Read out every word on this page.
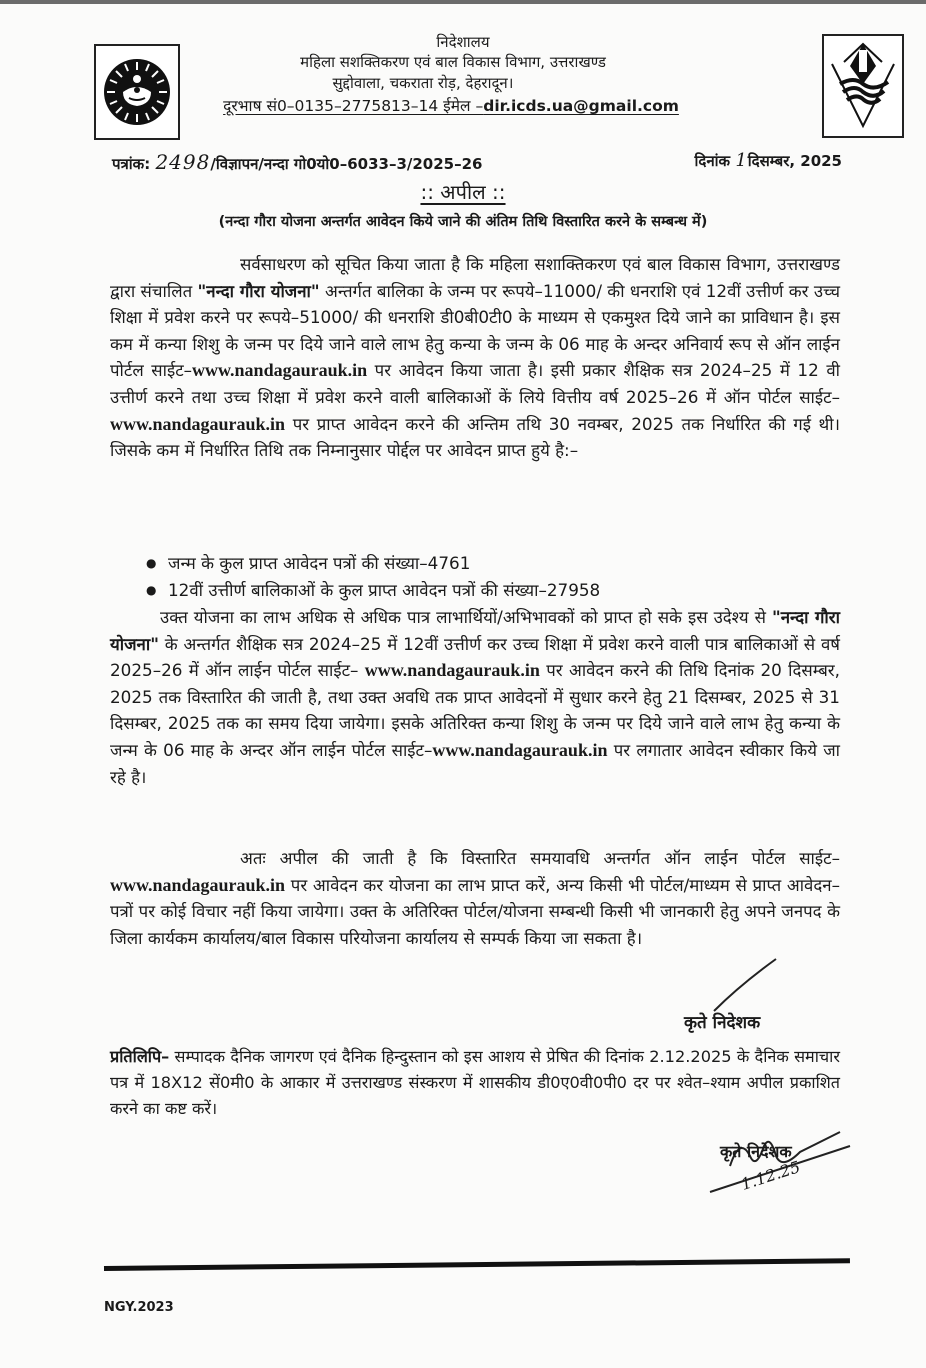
निदेशालय
महिला सशक्तिकरण एवं बाल विकास विभाग, उत्तराखण्ड
सुद्दोवाला, चकराता रोड़, देहरादून।
दूरभाष सं0–0135–2775813–14 ईमेल –dir.icds.ua@gmail.com
पत्रांक: 2498/विज्ञापन/नन्दा गो0यो0–6033–3/2025–26	दिनांक 1दिसम्बर, 2025
:: अपील ::
(नन्दा गौरा योजना अन्तर्गत आवेदन किये जाने की अंतिम तिथि विस्तारित करने के सम्बन्ध में)
सर्वसाधरण को सूचित किया जाता है कि महिला सशाक्तिकरण एवं बाल विकास विभाग, उत्तराखण्ड द्वारा संचालित "नन्दा गौरा योजना" अन्तर्गत बालिका के जन्म पर रूपये–11000/ की धनराशि एवं 12वीं उत्तीर्ण कर उच्च शिक्षा में प्रवेश करने पर रूपये–51000/ की धनराशि डी0बी0टी0 के माध्यम से एकमुश्त दिये जाने का प्राविधान है। इस कम में कन्या शिशु के जन्म पर दिये जाने वाले लाभ हेतु कन्या के जन्म के 06 माह के अन्दर अनिवार्य रूप से ऑन लाईन पोर्टल साईट–www.nandagaurauk.in पर आवेदन किया जाता है। इसी प्रकार शैक्षिक सत्र 2024–25 में 12 वी उत्तीर्ण करने तथा उच्च शिक्षा में प्रवेश करने वाली बालिकाओं कें लिये वित्तीय वर्ष 2025–26 में ऑन पोर्टल साईट–www.nandagaurauk.in पर प्राप्त आवेदन करने की अन्तिम तथि 30 नवम्बर, 2025 तक निर्धारित की गई थी। जिसके कम में निर्धारित तिथि तक निम्नानुसार पोर्द्दल पर आवेदन प्राप्त हुये है:–
● जन्म के कुल प्राप्त आवेदन पत्रों की संख्या–4761
● 12वीं उत्तीर्ण बालिकाओं के कुल प्राप्त आवेदन पत्रों की संख्या–27958
उक्त योजना का लाभ अधिक से अधिक पात्र लाभार्थियों/अभिभावकों को प्राप्त हो सके इस उदेश्य से "नन्दा गौरा योजना" के अन्तर्गत शैक्षिक सत्र 2024–25 में 12वीं उत्तीर्ण कर उच्च शिक्षा में प्रवेश करने वाली पात्र बालिकाओं से वर्ष 2025–26 में ऑन लाईन पोर्टल साईट– www.nandagaurauk.in पर आवेदन करने की तिथि दिनांक 20 दिसम्बर, 2025 तक विस्तारित की जाती है, तथा उक्त अवधि तक प्राप्त आवेदनों में सुधार करने हेतु 21 दिसम्बर, 2025 से 31 दिसम्बर, 2025 तक का समय दिया जायेगा। इसके अतिरिक्त कन्या शिशु के जन्म पर दिये जाने वाले लाभ हेतु कन्या के जन्म के 06 माह के अन्दर ऑन लाईन पोर्टल साईट–www.nandagaurauk.in पर लगातार आवेदन स्वीकार किये जा रहे है।
अतः अपील की जाती है कि विस्तारित समयावधि अन्तर्गत ऑन लाईन पोर्टल साईट–www.nandagaurauk.in पर आवेदन कर योजना का लाभ प्राप्त करें, अन्य किसी भी पोर्टल/माध्यम से प्राप्त आवेदन–पत्रों पर कोई विचार नहीं किया जायेगा। उक्त के अतिरिक्त पोर्टल/योजना सम्बन्धी किसी भी जानकारी हेतु अपने जनपद के जिला कार्यकम कार्यालय/बाल विकास परियोजना कार्यालय से सम्पर्क किया जा सकता है।
कृते निदेशक
प्रतिलिपि– सम्पादक दैनिक जागरण एवं दैनिक हिन्दुस्तान को इस आशय से प्रेषित की दिनांक 2.12.2025 के दैनिक समाचार पत्र में 18X12 सें0मी0 के आकार में उत्तराखण्ड संस्करण में शासकीय डी0ए0वी0पी0 दर पर श्वेत–श्याम अपील प्रकाशित करने का कष्ट करें।
कृते निदेशक
1.12.25
NGY.2023
